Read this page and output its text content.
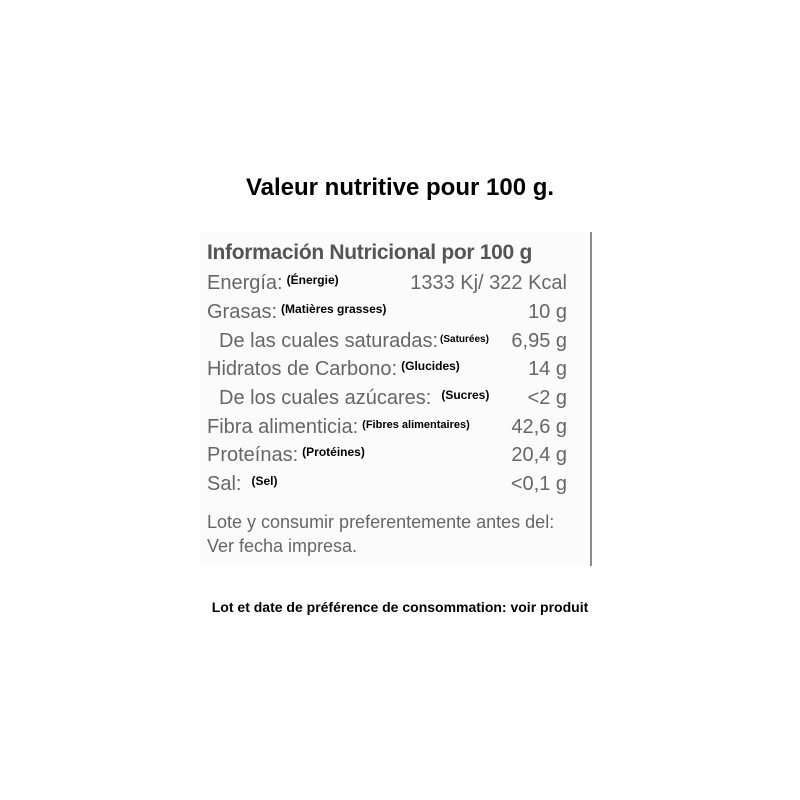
Valeur nutritive pour 100 g.
Información Nutricional por 100 g
Energía: (Énergie)	1333 Kj/ 322 Kcal
Grasas: (Matières grasses)	10 g
De las cuales saturadas: (Saturées) 6,95 g
Hidratos de Carbono: (Glucides)	14 g
De los cuales azúcares: (Sucres) <2 g
Fibra alimenticia: (Fibres alimentaires) 42,6 g
Proteínas: (Protéines)	20,4 g
Sal: (Sel)	<0,1 g
Lote y consumir preferentemente antes del:
Ver fecha impresa.
Lot et date de préférence de consommation: voir produit
